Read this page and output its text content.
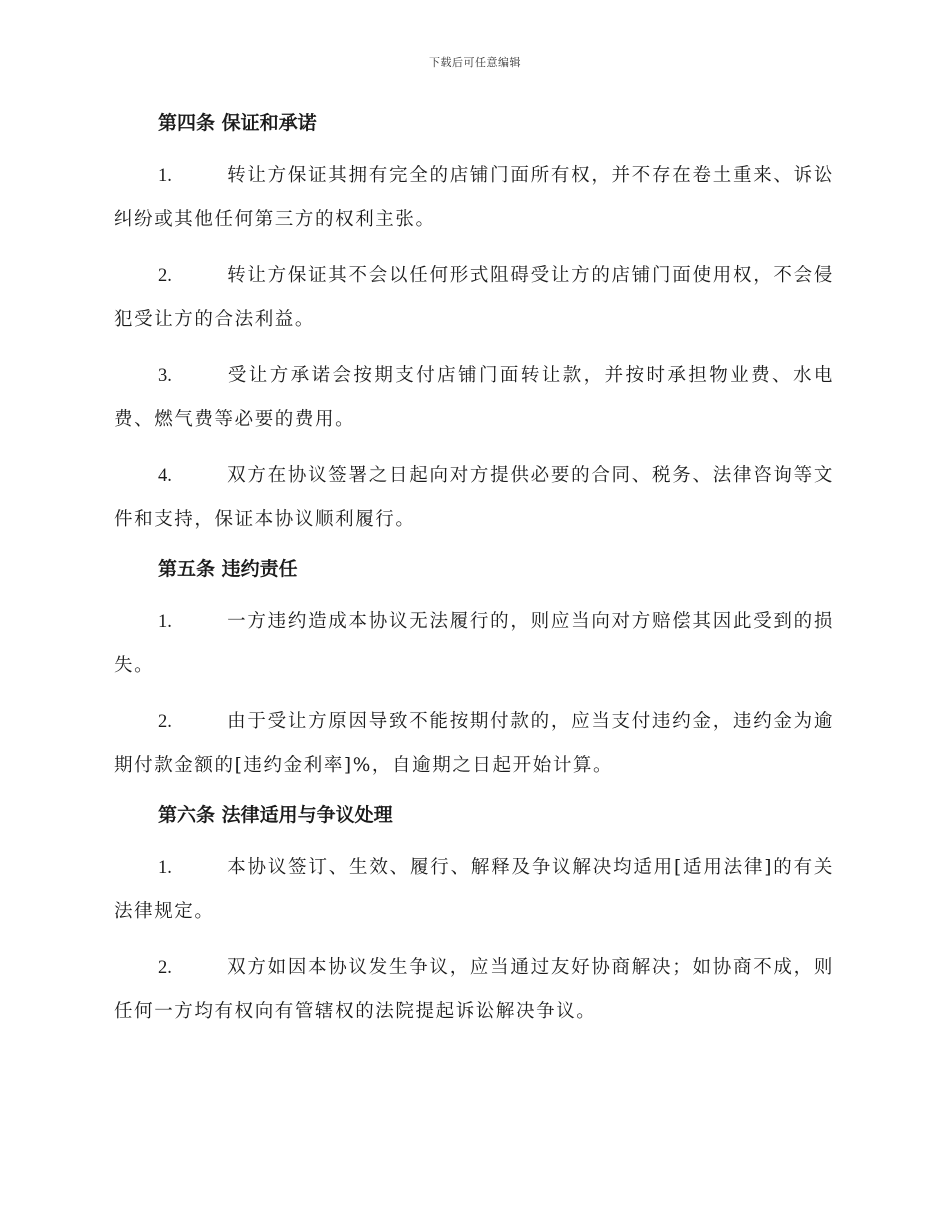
下载后可任意编辑
第四条 保证和承诺

1.	转让方保证其拥有完全的店铺门面所有权，并不存在卷土重来、诉讼纠纷或其他任何第三方的权利主张。

2.	转让方保证其不会以任何形式阻碍受让方的店铺门面使用权，不会侵犯受让方的合法利益。

3.	受让方承诺会按期支付店铺门面转让款，并按时承担物业费、水电费、燃气费等必要的费用。

4.	双方在协议签署之日起向对方提供必要的合同、税务、法律咨询等文件和支持，保证本协议顺利履行。

第五条 违约责任

1.	一方违约造成本协议无法履行的，则应当向对方赔偿其因此受到的损失。

2.	由于受让方原因导致不能按期付款的，应当支付违约金，违约金为逾期付款金额的[违约金利率]%，自逾期之日起开始计算。

第六条 法律适用与争议处理

1.	本协议签订、生效、履行、解释及争议解决均适用[适用法律]的有关法律规定。

2.	双方如因本协议发生争议，应当通过友好协商解决；如协商不成，则任何一方均有权向有管辖权的法院提起诉讼解决争议。
